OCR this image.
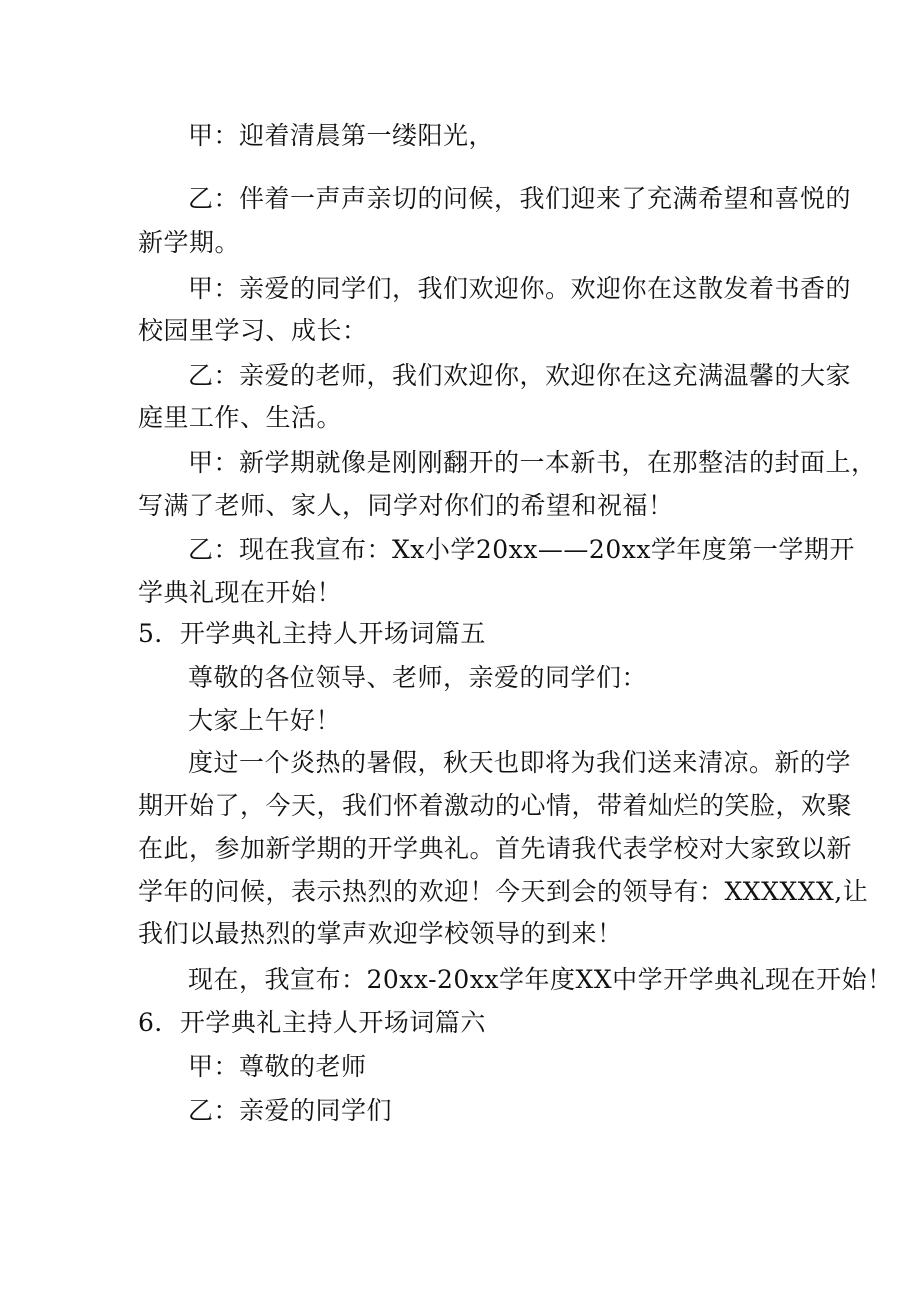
甲：迎着清晨第一缕阳光，
乙：伴着一声声亲切的问候，我们迎来了充满希望和喜悦的
新学期。
甲：亲爱的同学们，我们欢迎你。欢迎你在这散发着书香的
校园里学习、成长：
乙：亲爱的老师，我们欢迎你，欢迎你在这充满温馨的大家
庭里工作、生活。
甲：新学期就像是刚刚翻开的一本新书，在那整洁的封面上，
写满了老师、家人，同学对你们的希望和祝福！
乙：现在我宣布：Xx小学20xx——20xx学年度第一学期开
学典礼现在开始！
5．开学典礼主持人开场词篇五
尊敬的各位领导、老师，亲爱的同学们：
大家上午好！
度过一个炎热的暑假，秋天也即将为我们送来清凉。新的学
期开始了，今天，我们怀着激动的心情，带着灿烂的笑脸，欢聚
在此，参加新学期的开学典礼。首先请我代表学校对大家致以新
学年的问候，表示热烈的欢迎！今天到会的领导有：XXXXXX,让
我们以最热烈的掌声欢迎学校领导的到来！
现在，我宣布：20xx-20xx学年度XX中学开学典礼现在开始！
6．开学典礼主持人开场词篇六
甲：尊敬的老师
乙：亲爱的同学们
